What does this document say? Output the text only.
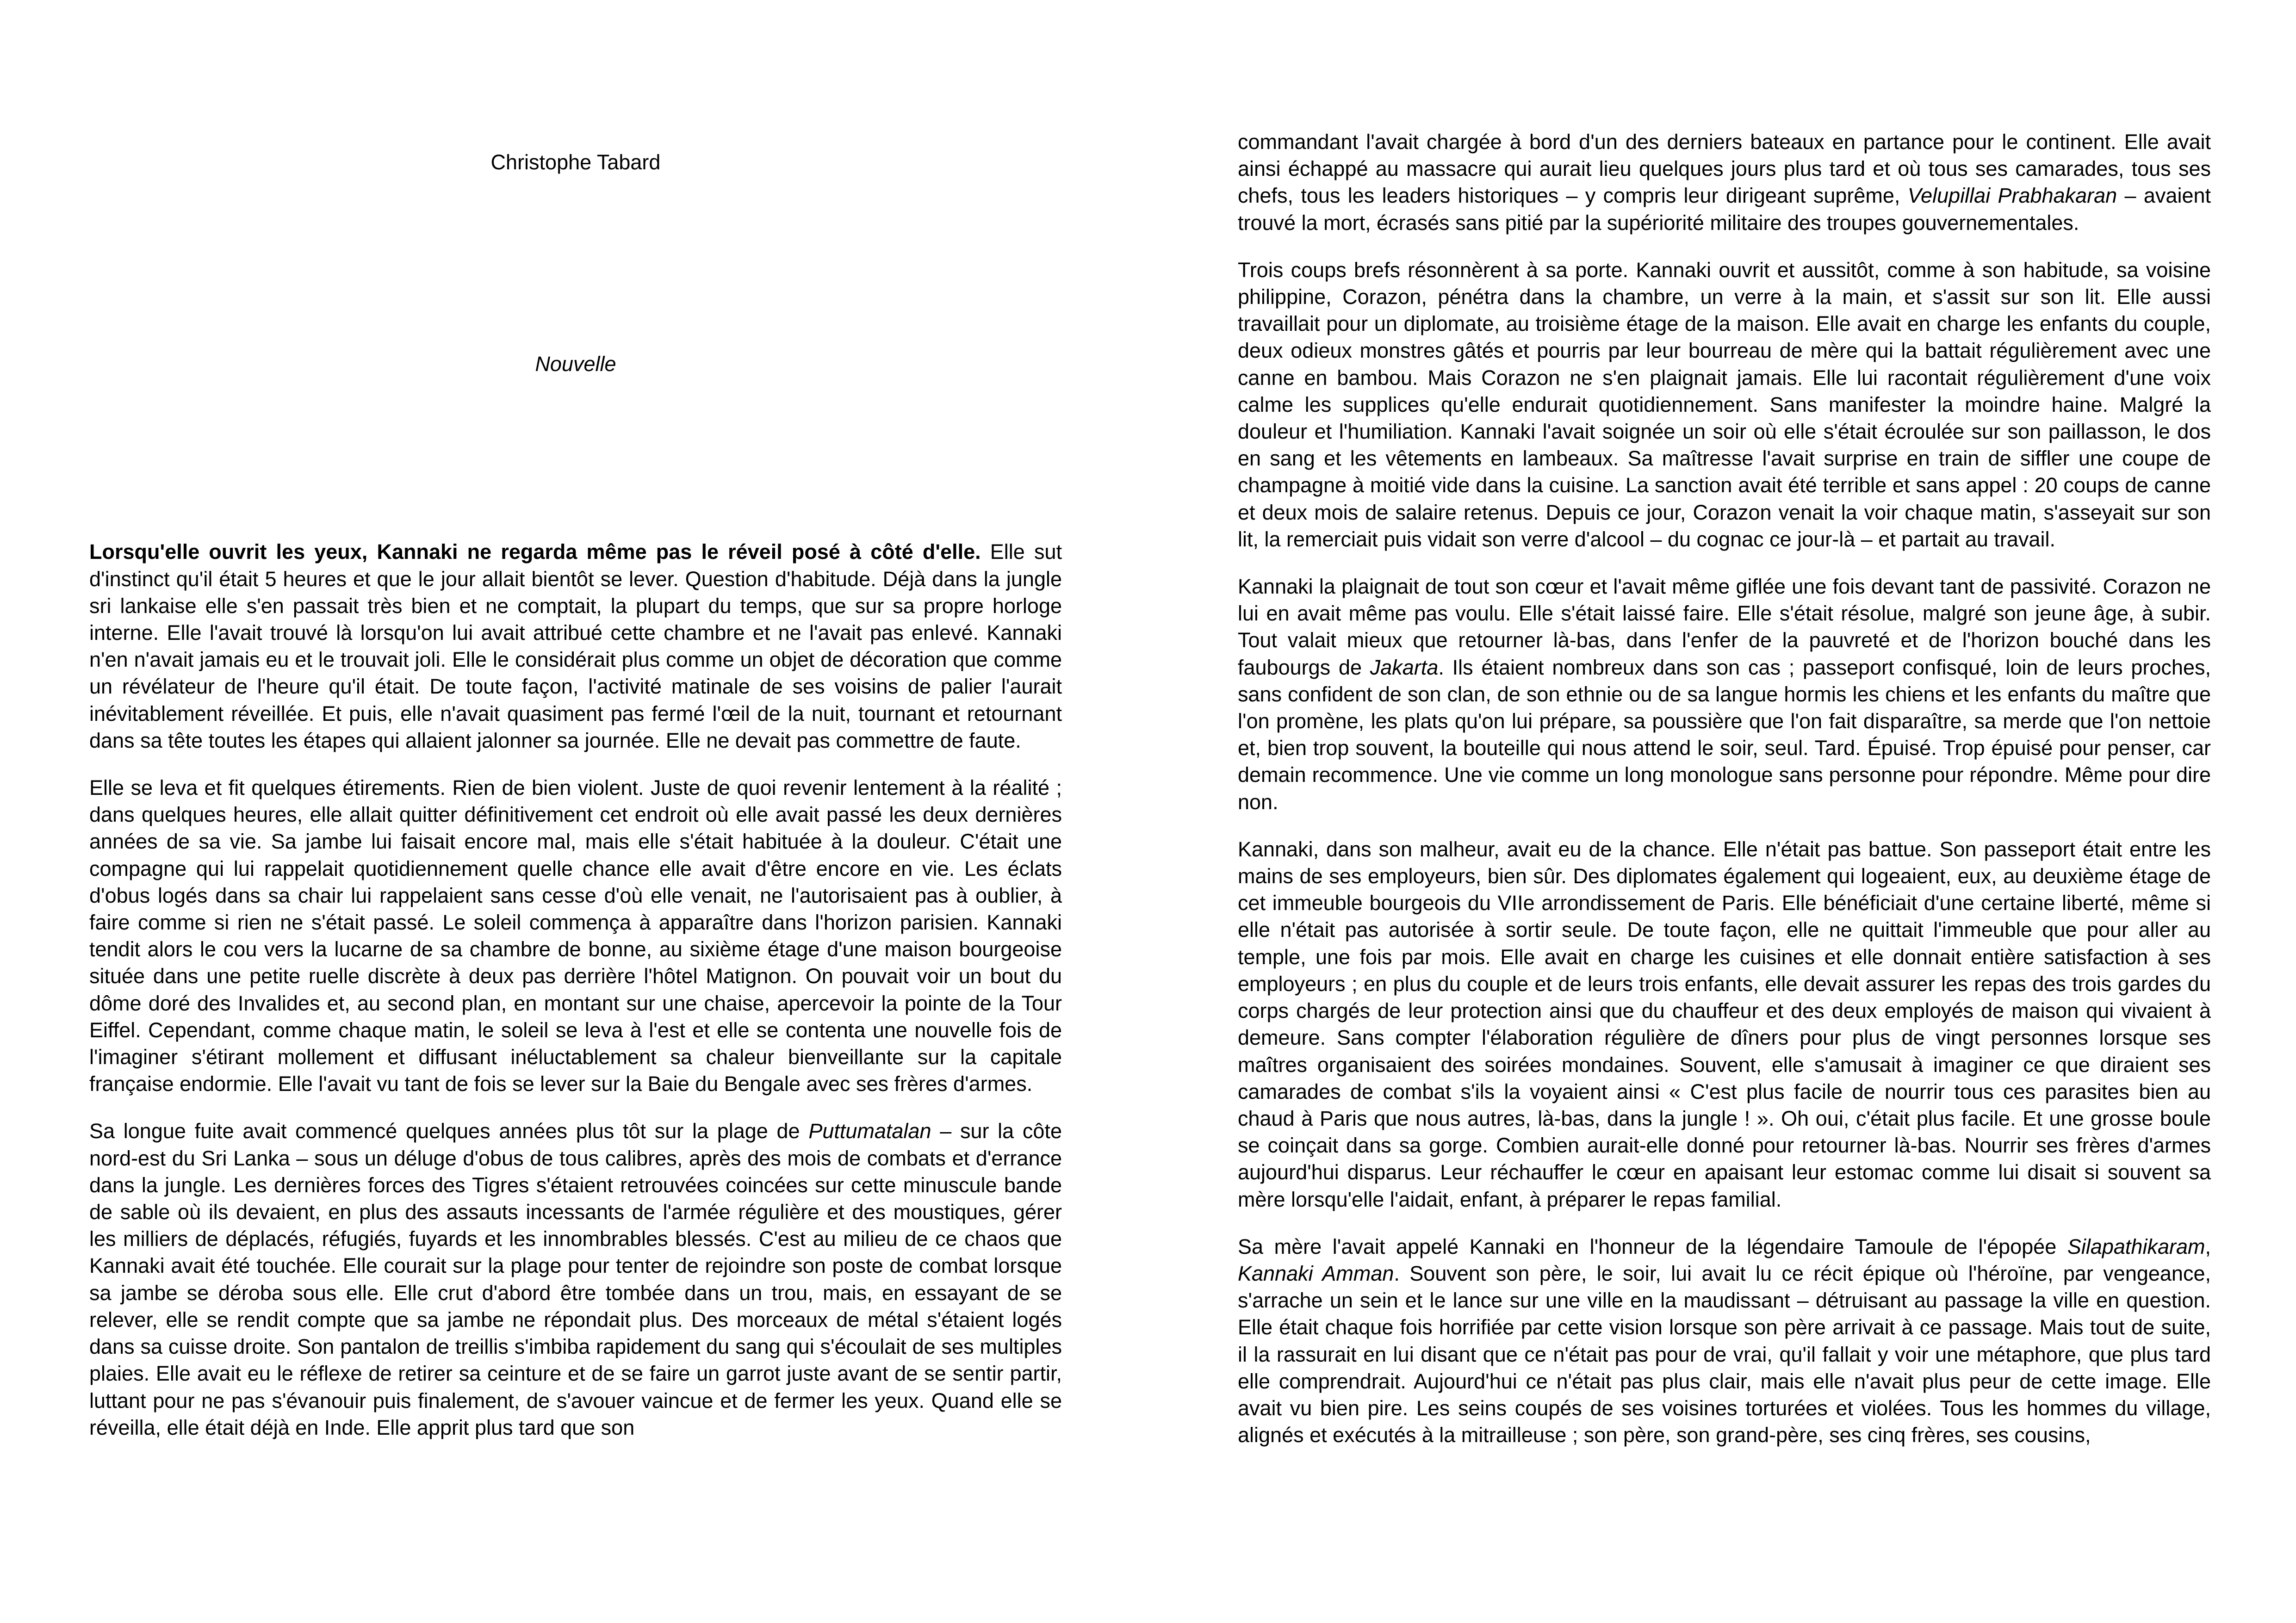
Christophe Tabard
Nouvelle

Lorsqu'elle ouvrit les yeux, Kannaki ne regarda même pas le réveil posé à côté d'elle. Elle sut d'instinct qu'il était 5 heures et que le jour allait bientôt se lever. Question d'habitude. Déjà dans la jungle sri lankaise elle s'en passait très bien et ne comptait, la plupart du temps, que sur sa propre horloge interne. Elle l'avait trouvé là lorsqu'on lui avait attribué cette chambre et ne l'avait pas enlevé. Kannaki n'en n'avait jamais eu et le trouvait joli. Elle le considérait plus comme un objet de décoration que comme un révélateur de l'heure qu'il était. De toute façon, l'activité matinale de ses voisins de palier l'aurait inévitablement réveillée. Et puis, elle n'avait quasiment pas fermé l'œil de la nuit, tournant et retournant dans sa tête toutes les étapes qui allaient jalonner sa journée. Elle ne devait pas commettre de faute.

Elle se leva et fit quelques étirements. Rien de bien violent. Juste de quoi revenir lentement à la réalité ; dans quelques heures, elle allait quitter définitivement cet endroit où elle avait passé les deux dernières années de sa vie. Sa jambe lui faisait encore mal, mais elle s'était habituée à la douleur. C'était une compagne qui lui rappelait quotidiennement quelle chance elle avait d'être encore en vie. Les éclats d'obus logés dans sa chair lui rappelaient sans cesse d'où elle venait, ne l'autorisaient pas à oublier, à faire comme si rien ne s'était passé. Le soleil commença à apparaître dans l'horizon parisien. Kannaki tendit alors le cou vers la lucarne de sa chambre de bonne, au sixième étage d'une maison bourgeoise située dans une petite ruelle discrète à deux pas derrière l'hôtel Matignon. On pouvait voir un bout du dôme doré des Invalides et, au second plan, en montant sur une chaise, apercevoir la pointe de la Tour Eiffel. Cependant, comme chaque matin, le soleil se leva à l'est et elle se contenta une nouvelle fois de l'imaginer s'étirant mollement et diffusant inéluctablement sa chaleur bienveillante sur la capitale française endormie. Elle l'avait vu tant de fois se lever sur la Baie du Bengale avec ses frères d'armes.

Sa longue fuite avait commencé quelques années plus tôt sur la plage de Puttumatalan – sur la côte nord-est du Sri Lanka – sous un déluge d'obus de tous calibres, après des mois de combats et d'errance dans la jungle. Les dernières forces des Tigres s'étaient retrouvées coincées sur cette minuscule bande de sable où ils devaient, en plus des assauts incessants de l'armée régulière et des moustiques, gérer les milliers de déplacés, réfugiés, fuyards et les innombrables blessés. C'est au milieu de ce chaos que Kannaki avait été touchée. Elle courait sur la plage pour tenter de rejoindre son poste de combat lorsque sa jambe se déroba sous elle. Elle crut d'abord être tombée dans un trou, mais, en essayant de se relever, elle se rendit compte que sa jambe ne répondait plus. Des morceaux de métal s'étaient logés dans sa cuisse droite. Son pantalon de treillis s'imbiba rapidement du sang qui s'écoulait de ses multiples plaies. Elle avait eu le réflexe de retirer sa ceinture et de se faire un garrot juste avant de se sentir partir, luttant pour ne pas s'évanouir puis finalement, de s'avouer vaincue et de fermer les yeux. Quand elle se réveilla, elle était déjà en Inde. Elle apprit plus tard que son

commandant l'avait chargée à bord d'un des derniers bateaux en partance pour le continent. Elle avait ainsi échappé au massacre qui aurait lieu quelques jours plus tard et où tous ses camarades, tous ses chefs, tous les leaders historiques – y compris leur dirigeant suprême, Velupillai Prabhakaran – avaient trouvé la mort, écrasés sans pitié par la supériorité militaire des troupes gouvernementales.

Trois coups brefs résonnèrent à sa porte. Kannaki ouvrit et aussitôt, comme à son habitude, sa voisine philippine, Corazon, pénétra dans la chambre, un verre à la main, et s'assit sur son lit. Elle aussi travaillait pour un diplomate, au troisième étage de la maison. Elle avait en charge les enfants du couple, deux odieux monstres gâtés et pourris par leur bourreau de mère qui la battait régulièrement avec une canne en bambou. Mais Corazon ne s'en plaignait jamais. Elle lui racontait régulièrement d'une voix calme les supplices qu'elle endurait quotidiennement. Sans manifester la moindre haine. Malgré la douleur et l'humiliation. Kannaki l'avait soignée un soir où elle s'était écroulée sur son paillasson, le dos en sang et les vêtements en lambeaux. Sa maîtresse l'avait surprise en train de siffler une coupe de champagne à moitié vide dans la cuisine. La sanction avait été terrible et sans appel : 20 coups de canne et deux mois de salaire retenus. Depuis ce jour, Corazon venait la voir chaque matin, s'asseyait sur son lit, la remerciait puis vidait son verre d'alcool – du cognac ce jour-là – et partait au travail.

Kannaki la plaignait de tout son cœur et l'avait même giflée une fois devant tant de passivité. Corazon ne lui en avait même pas voulu. Elle s'était laissé faire. Elle s'était résolue, malgré son jeune âge, à subir. Tout valait mieux que retourner là-bas, dans l'enfer de la pauvreté et de l'horizon bouché dans les faubourgs de Jakarta. Ils étaient nombreux dans son cas ; passeport confisqué, loin de leurs proches, sans confident de son clan, de son ethnie ou de sa langue hormis les chiens et les enfants du maître que l'on promène, les plats qu'on lui prépare, sa poussière que l'on fait disparaître, sa merde que l'on nettoie et, bien trop souvent, la bouteille qui nous attend le soir, seul. Tard. Épuisé. Trop épuisé pour penser, car demain recommence. Une vie comme un long monologue sans personne pour répondre. Même pour dire non.

Kannaki, dans son malheur, avait eu de la chance. Elle n'était pas battue. Son passeport était entre les mains de ses employeurs, bien sûr. Des diplomates également qui logeaient, eux, au deuxième étage de cet immeuble bourgeois du VIIe arrondissement de Paris. Elle bénéficiait d'une certaine liberté, même si elle n'était pas autorisée à sortir seule. De toute façon, elle ne quittait l'immeuble que pour aller au temple, une fois par mois. Elle avait en charge les cuisines et elle donnait entière satisfaction à ses employeurs ; en plus du couple et de leurs trois enfants, elle devait assurer les repas des trois gardes du corps chargés de leur protection ainsi que du chauffeur et des deux employés de maison qui vivaient à demeure. Sans compter l'élaboration régulière de dîners pour plus de vingt personnes lorsque ses maîtres organisaient des soirées mondaines. Souvent, elle s'amusait à imaginer ce que diraient ses camarades de combat s'ils la voyaient ainsi « C'est plus facile de nourrir tous ces parasites bien au chaud à Paris que nous autres, là-bas, dans la jungle ! ». Oh oui, c'était plus facile. Et une grosse boule se coinçait dans sa gorge. Combien aurait-elle donné pour retourner là-bas. Nourrir ses frères d'armes aujourd'hui disparus. Leur réchauffer le cœur en apaisant leur estomac comme lui disait si souvent sa mère lorsqu'elle l'aidait, enfant, à préparer le repas familial.

Sa mère l'avait appelé Kannaki en l'honneur de la légendaire Tamoule de l'épopée Silapathikaram, Kannaki Amman. Souvent son père, le soir, lui avait lu ce récit épique où l'héroïne, par vengeance, s'arrache un sein et le lance sur une ville en la maudissant – détruisant au passage la ville en question. Elle était chaque fois horrifiée par cette vision lorsque son père arrivait à ce passage. Mais tout de suite, il la rassurait en lui disant que ce n'était pas pour de vrai, qu'il fallait y voir une métaphore, que plus tard elle comprendrait. Aujourd'hui ce n'était pas plus clair, mais elle n'avait plus peur de cette image. Elle avait vu bien pire. Les seins coupés de ses voisines torturées et violées. Tous les hommes du village, alignés et exécutés à la mitrailleuse ; son père, son grand-père, ses cinq frères, ses cousins,
